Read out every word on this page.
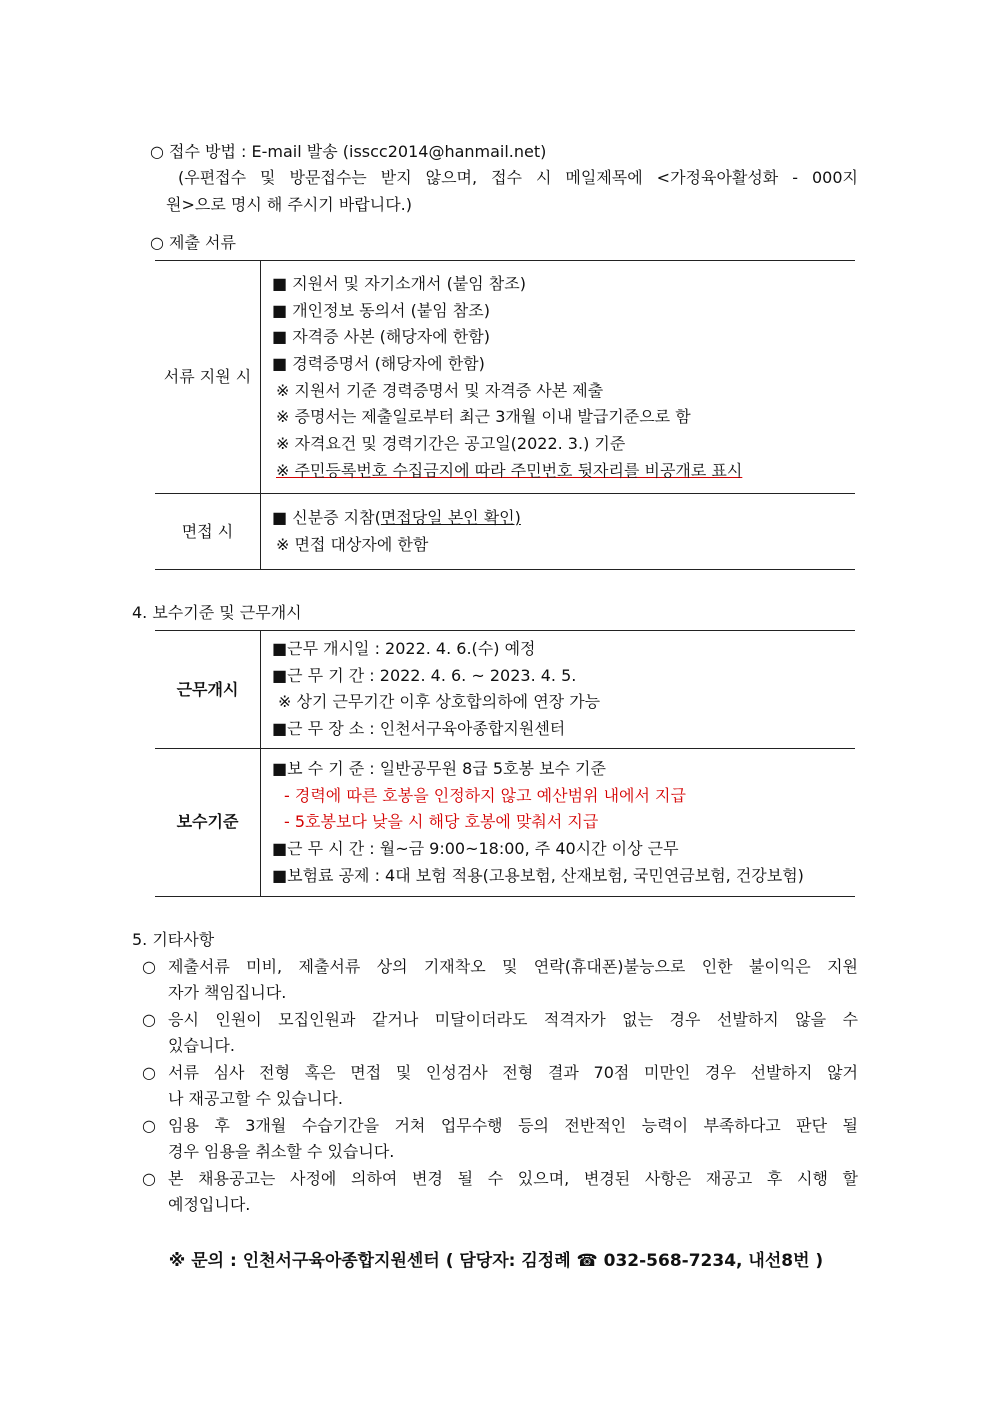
○ 접수 방법 : E-mail 발송 (isscc2014@hanmail.net)
(우편접수 및 방문접수는 받지 않으며, 접수 시 메일제목에 <가정육아활성화 - 000지
원>으로 명시 해 주시기 바랍니다.)
○ 제출 서류
서류 지원 시
■ 지원서 및 자기소개서 (붙임 참조)
■ 개인정보 동의서 (붙임 참조)
■ 자격증 사본 (해당자에 한함)
■ 경력증명서 (해당자에 한함)
※ 지원서 기준 경력증명서 및 자격증 사본 제출
※ 증명서는 제출일로부터 최근 3개월 이내 발급기준으로 함
※ 자격요건 및 경력기간은 공고일(2022. 3.) 기준
※ 주민등록번호 수집금지에 따라 주민번호 뒷자리를 비공개로 표시
면접 시
■ 신분증 지참(면접당일 본인 확인)
※ 면접 대상자에 한함
4. 보수기준 및 근무개시
근무개시
■근무 개시일 : 2022. 4. 6.(수) 예정
■근 무 기 간 : 2022. 4. 6. ~ 2023. 4. 5.
※ 상기 근무기간 이후 상호합의하에 연장 가능
■근 무 장 소 : 인천서구육아종합지원센터
보수기준
■보 수 기 준 : 일반공무원 8급 5호봉 보수 기준
- 경력에 따른 호봉을 인정하지 않고 예산범위 내에서 지급
- 5호봉보다 낮을 시 해당 호봉에 맞춰서 지급
■근 무 시 간 : 월~금 9:00~18:00, 주 40시간 이상 근무
■보험료 공제 : 4대 보험 적용(고용보험, 산재보험, 국민연금보험, 건강보험)
5. 기타사항
○ 제출서류 미비, 제출서류 상의 기재착오 및 연락(휴대폰)불능으로 인한 불이익은 지원
자가 책임집니다.
○ 응시 인원이 모집인원과 같거나 미달이더라도 적격자가 없는 경우 선발하지 않을 수
있습니다.
○ 서류 심사 전형 혹은 면접 및 인성검사 전형 결과 70점 미만인 경우 선발하지 않거
나 재공고할 수 있습니다.
○ 임용 후 3개월 수습기간을 거쳐 업무수행 등의 전반적인 능력이 부족하다고 판단 될
경우 임용을 취소할 수 있습니다.
○ 본 채용공고는 사정에 의하여 변경 될 수 있으며, 변경된 사항은 재공고 후 시행 할
예정입니다.
※ 문의 : 인천서구육아종합지원센터 ( 담당자: 김정례 ☎ 032-568-7234, 내선8번 )
